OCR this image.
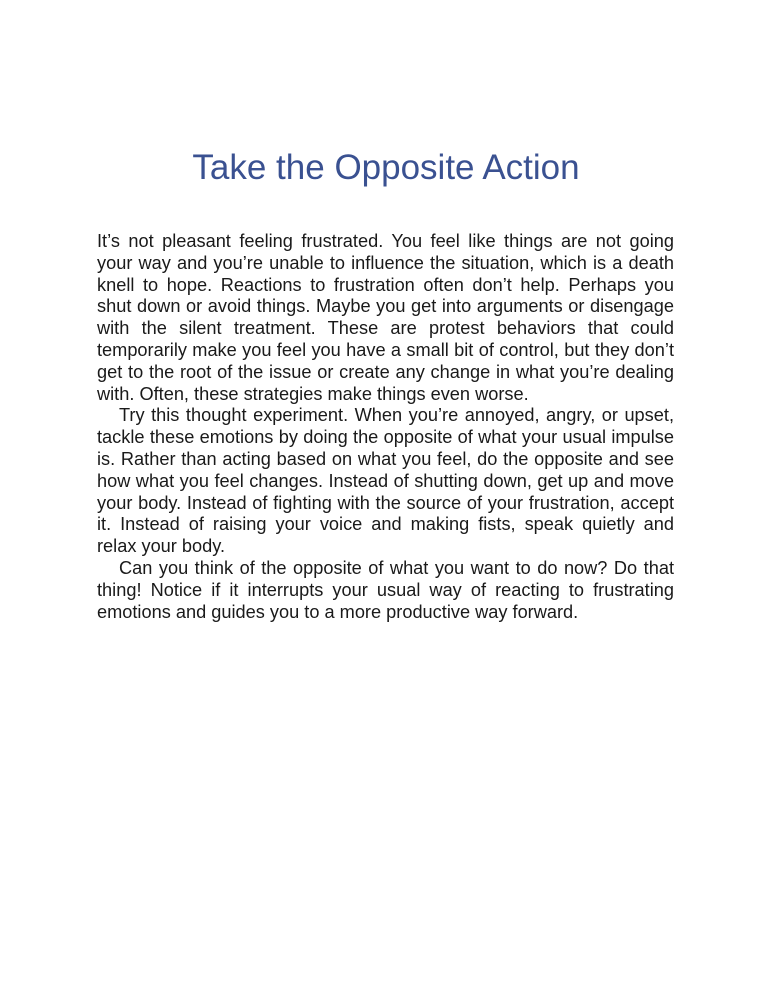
Take the Opposite Action

It’s not pleasant feeling frustrated. You feel like things are not going your way and you’re unable to influence the situation, which is a death knell to hope. Reactions to frustration often don’t help. Perhaps you shut down or avoid things. Maybe you get into arguments or disengage with the silent treatment. These are protest behaviors that could temporarily make you feel you have a small bit of control, but they don’t get to the root of the issue or create any change in what you’re dealing with. Often, these strategies make things even worse.

Try this thought experiment. When you’re annoyed, angry, or upset, tackle these emotions by doing the opposite of what your usual impulse is. Rather than acting based on what you feel, do the opposite and see how what you feel changes. Instead of shutting down, get up and move your body. Instead of fighting with the source of your frustration, accept it. Instead of raising your voice and making fists, speak quietly and relax your body.

Can you think of the opposite of what you want to do now? Do that thing! Notice if it interrupts your usual way of reacting to frustrating emotions and guides you to a more productive way forward.
